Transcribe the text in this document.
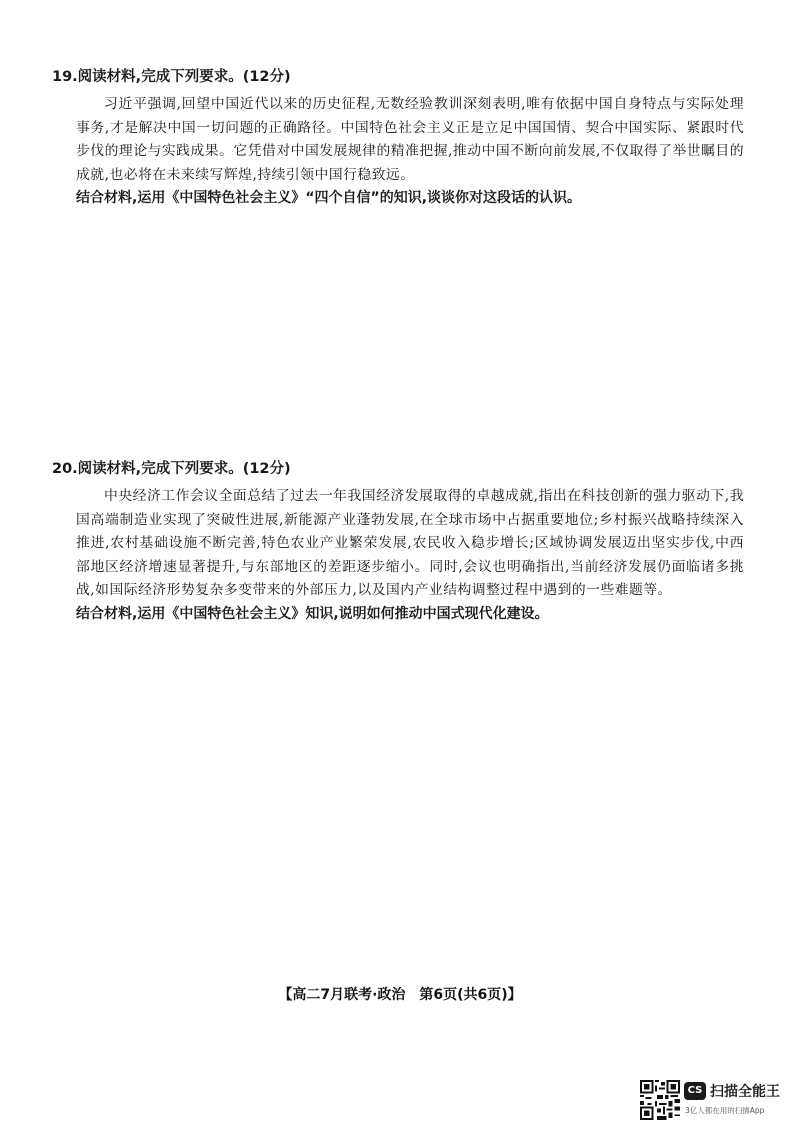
19.阅读材料,完成下列要求。(12分)
习近平强调,回望中国近代以来的历史征程,无数经验教训深刻表明,唯有依据中国自身特点与实际处理事务,才是解决中国一切问题的正确路径。中国特色社会主义正是立足中国国情、契合中国实际、紧跟时代步伐的理论与实践成果。它凭借对中国发展规律的精准把握,推动中国不断向前发展,不仅取得了举世瞩目的成就,也必将在未来续写辉煌,持续引领中国行稳致远。
结合材料,运用《中国特色社会主义》“四个自信”的知识,谈谈你对这段话的认识。
20.阅读材料,完成下列要求。(12分)
中央经济工作会议全面总结了过去一年我国经济发展取得的卓越成就,指出在科技创新的强力驱动下,我国高端制造业实现了突破性进展,新能源产业蓬勃发展,在全球市场中占据重要地位;乡村振兴战略持续深入推进,农村基础设施不断完善,特色农业产业繁荣发展,农民收入稳步增长;区域协调发展迈出坚实步伐,中西部地区经济增速显著提升,与东部地区的差距逐步缩小。同时,会议也明确指出,当前经济发展仍面临诸多挑战,如国际经济形势复杂多变带来的外部压力,以及国内产业结构调整过程中遇到的一些难题等。
结合材料,运用《中国特色社会主义》知识,说明如何推动中国式现代化建设。
【高二7月联考·政治　第6页(共6页)】
CS 扫描全能王
3亿人都在用的扫描App
